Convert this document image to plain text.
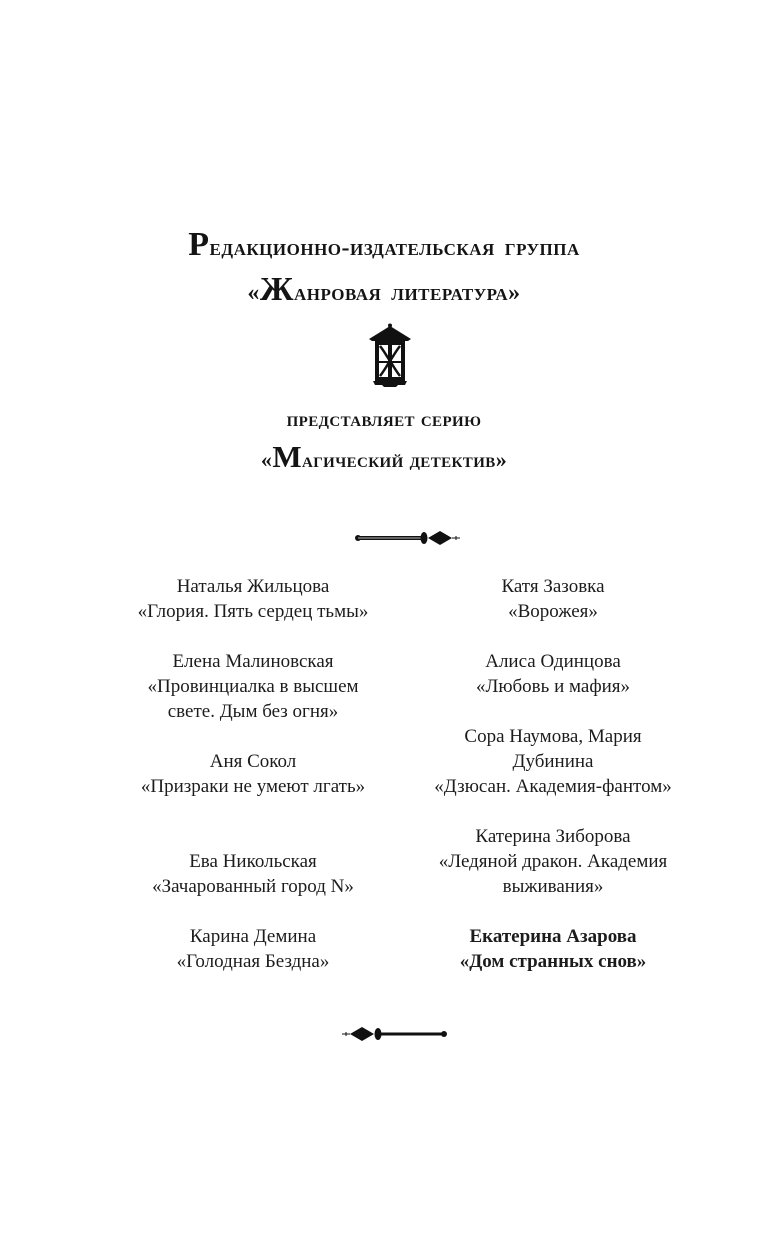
Редакционно-издательская группа
«Жанровая литература»
представляет серию
«Магический детектив»
Наталья Жильцова
«Глория. Пять сердец тьмы»
Елена Малиновская
«Провинциалка в высшем
свете. Дым без огня»
Аня Сокол
«Призраки не умеют лгать»
Ева Никольская
«Зачарованный город N»
Карина Демина
«Голодная Бездна»
Катя Зазовка
«Ворожея»
Алиса Одинцова
«Любовь и мафия»
Сора Наумова, Мария
Дубинина
«Дзюсан. Академия-фантом»
Катерина Зиборова
«Ледяной дракон. Академия
выживания»
Екатерина Азарова
«Дом странных снов»
